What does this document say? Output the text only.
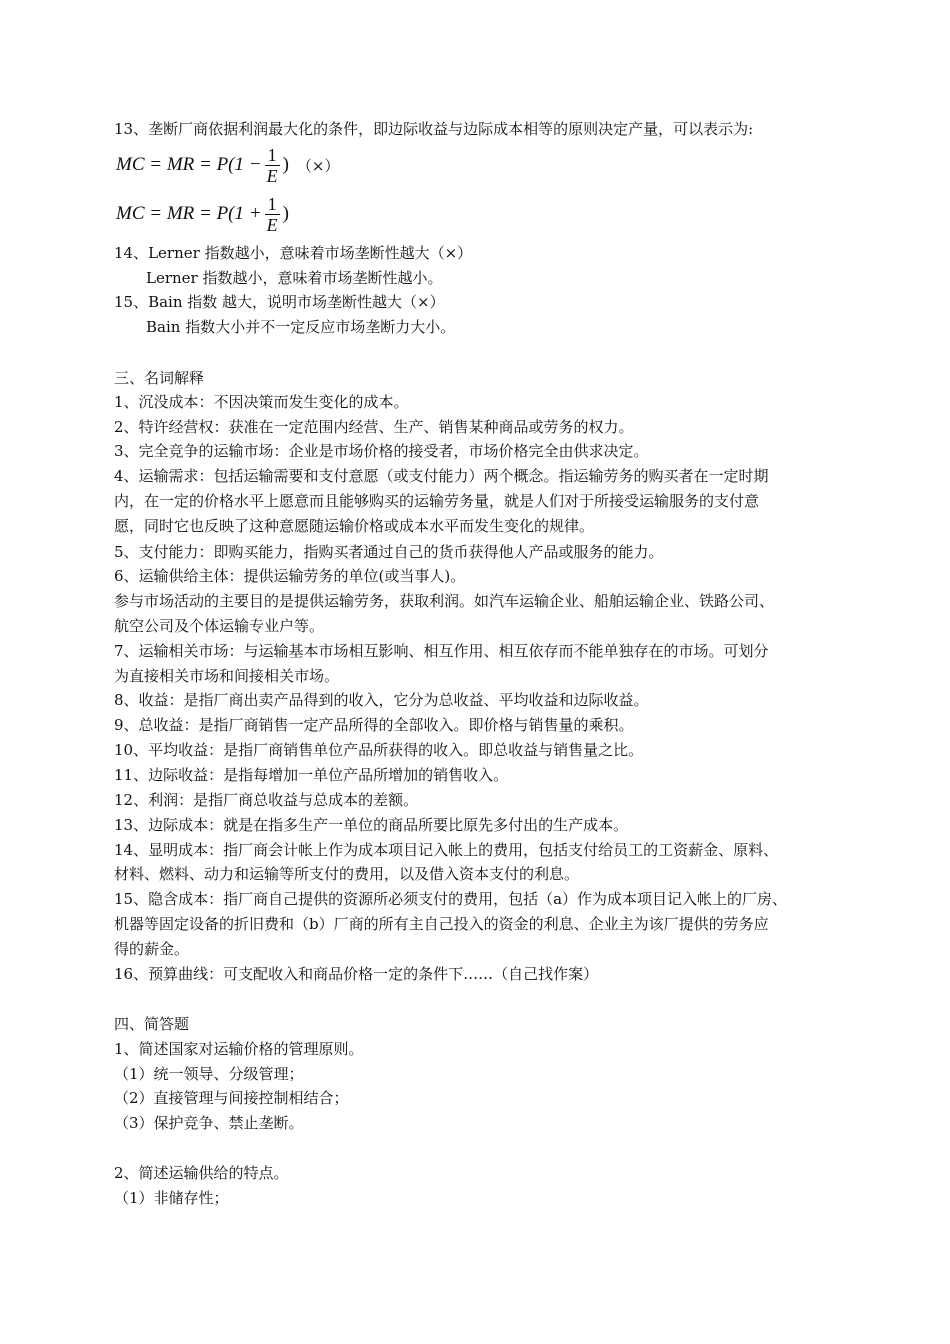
13、垄断厂商依据利润最大化的条件，即边际收益与边际成本相等的原则决定产量，可以表示为:
MC = MR = $P(1 - \frac{1}{E}$ ) （×）
MC = MR = $P(1 + \frac{1}{E}$ )
14、Lerner 指数越小，意味着市场垄断性越大（×）
Lerner 指数越小，意味着市场垄断性越小。
15、Bain 指数 越大，说明市场垄断性越大（×）
Bain 指数大小并不一定反应市场垄断力大小。
三、名词解释
1、沉没成本：不因决策而发生变化的成本。
2、特许经营权：获准在一定范围内经营、生产、销售某种商品或劳务的权力。
3、完全竞争的运输市场：企业是市场价格的接受者，市场价格完全由供求决定。
4、运输需求：包括运输需要和支付意愿（或支付能力）两个概念。指运输劳务的购买者在一定时期
内，在一定的价格水平上愿意而且能够购买的运输劳务量，就是人们对于所接受运输服务的支付意
愿，同时它也反映了这种意愿随运输价格或成本水平而发生变化的规律。
5、支付能力：即购买能力，指购买者通过自己的货币获得他人产品或服务的能力。
6、运输供给主体：提供运输劳务的单位(或当事人)。
参与市场活动的主要目的是提供运输劳务，获取利润。如汽车运输企业、船舶运输企业、铁路公司、
航空公司及个体运输专业户等。
7、运输相关市场：与运输基本市场相互影响、相互作用、相互依存而不能单独存在的市场。可划分
为直接相关市场和间接相关市场。
8、收益：是指厂商出卖产品得到的收入，它分为总收益、平均收益和边际收益。
9、总收益：是指厂商销售一定产品所得的全部收入。即价格与销售量的乘积。
10、平均收益：是指厂商销售单位产品所获得的收入。即总收益与销售量之比。
11、边际收益：是指每增加一单位产品所增加的销售收入。
12、利润：是指厂商总收益与总成本的差额。
13、边际成本：就是在指多生产一单位的商品所要比原先多付出的生产成本。
14、显明成本：指厂商会计帐上作为成本项目记入帐上的费用，包括支付给员工的工资薪金、原料、
材料、燃料、动力和运输等所支付的费用，以及借入资本支付的利息。
15、隐含成本：指厂商自己提供的资源所必须支付的费用，包括（a）作为成本项目记入帐上的厂房、
机器等固定设备的折旧费和（b）厂商的所有主自己投入的资金的利息、企业主为该厂提供的劳务应
得的薪金。
16、预算曲线：可支配收入和商品价格一定的条件下……（自己找作案）
四、简答题
1、简述国家对运输价格的管理原则。
（1）统一领导、分级管理；
（2）直接管理与间接控制相结合；
（3）保护竞争、禁止垄断。
2、简述运输供给的特点。
（1）非储存性；
